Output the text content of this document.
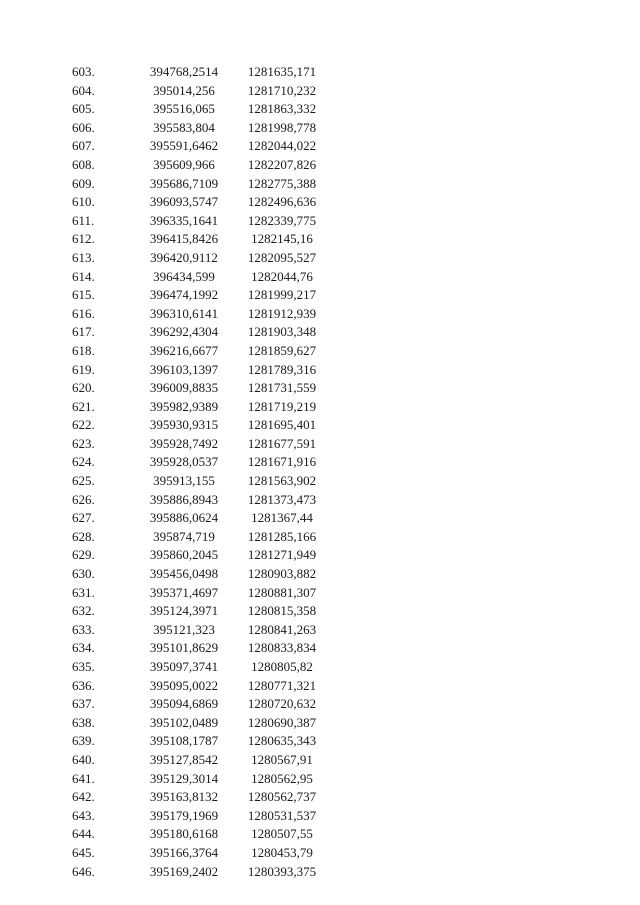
603.	394768,2514	1281635,171
604.	395014,256	1281710,232
605.	395516,065	1281863,332
606.	395583,804	1281998,778
607.	395591,6462	1282044,022
608.	395609,966	1282207,826
609.	395686,7109	1282775,388
610.	396093,5747	1282496,636
611.	396335,1641	1282339,775
612.	396415,8426	1282145,16
613.	396420,9112	1282095,527
614.	396434,599	1282044,76
615.	396474,1992	1281999,217
616.	396310,6141	1281912,939
617.	396292,4304	1281903,348
618.	396216,6677	1281859,627
619.	396103,1397	1281789,316
620.	396009,8835	1281731,559
621.	395982,9389	1281719,219
622.	395930,9315	1281695,401
623.	395928,7492	1281677,591
624.	395928,0537	1281671,916
625.	395913,155	1281563,902
626.	395886,8943	1281373,473
627.	395886,0624	1281367,44
628.	395874,719	1281285,166
629.	395860,2045	1281271,949
630.	395456,0498	1280903,882
631.	395371,4697	1280881,307
632.	395124,3971	1280815,358
633.	395121,323	1280841,263
634.	395101,8629	1280833,834
635.	395097,3741	1280805,82
636.	395095,0022	1280771,321
637.	395094,6869	1280720,632
638.	395102,0489	1280690,387
639.	395108,1787	1280635,343
640.	395127,8542	1280567,91
641.	395129,3014	1280562,95
642.	395163,8132	1280562,737
643.	395179,1969	1280531,537
644.	395180,6168	1280507,55
645.	395166,3764	1280453,79
646.	395169,2402	1280393,375
